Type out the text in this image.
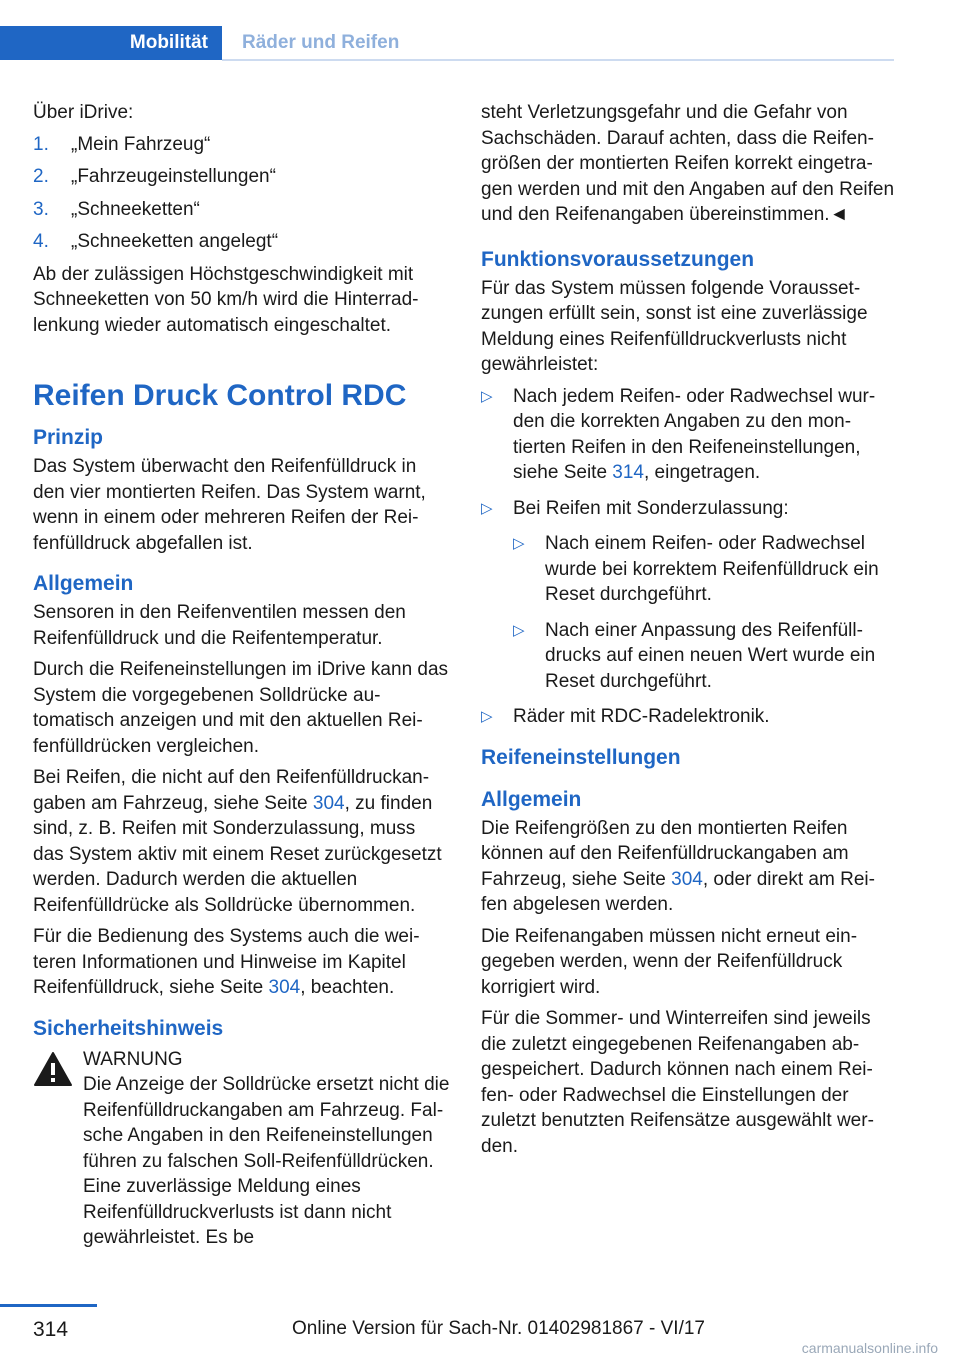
Mobilität	Räder und Reifen

Über iDrive:

1.	„Mein Fahrzeug“
2.	„Fahrzeugeinstellungen“
3.	„Schneeketten“
4.	„Schneeketten angelegt“

Ab der zulässigen Höchstgeschwindigkeit mit Schneeketten von 50 km/h wird die Hinterradlenkung wieder automatisch eingeschaltet.

Reifen Druck Control RDC
Prinzip

Das System überwacht den Reifenfülldruck in den vier montierten Reifen. Das System warnt, wenn in einem oder mehreren Reifen der Reifenfülldruck abgefallen ist.

Allgemein

Sensoren in den Reifenventilen messen den Reifenfülldruck und die Reifentemperatur.

Durch die Reifeneinstellungen im iDrive kann das System die vorgegebenen Solldrücke automatisch anzeigen und mit den aktuellen Reifenfülldrücken vergleichen.

Bei Reifen, die nicht auf den Reifenfülldruckangaben am Fahrzeug, siehe Seite 304, zu finden sind, z. B. Reifen mit Sonderzulassung, muss das System aktiv mit einem Reset zurückgesetzt werden. Dadurch werden die aktuellen Reifenfülldrücke als Solldrücke übernommen.

Für die Bedienung des Systems auch die weiteren Informationen und Hinweise im Kapitel Reifenfülldruck, siehe Seite 304, beachten.

Sicherheitshinweis
WARNUNG
Die Anzeige der Solldrücke ersetzt nicht die Reifenfülldruckangaben am Fahrzeug. Falsche Angaben in den Reifeneinstellungen führen zu falschen Soll-Reifenfülldrücken. Eine zuverlässige Meldung eines Reifenfülldruckverlusts ist dann nicht gewährleistet. Es be

steht Verletzungsgefahr und die Gefahr von Sachschäden. Darauf achten, dass die Reifengrößen der montierten Reifen korrekt eingetragen werden und mit den Angaben auf den Reifen und den Reifenangaben übereinstimmen.◄

Funktionsvoraussetzungen

Für das System müssen folgende Voraussetzungen erfüllt sein, sonst ist eine zuverlässige Meldung eines Reifenfülldruckverlusts nicht gewährleistet:

▷	Nach jedem Reifen- oder Radwechsel wurden die korrekten Angaben zu den montierten Reifen in den Reifeneinstellungen, siehe Seite 314, eingetragen.
▷	Bei Reifen mit Sonderzulassung:
▷	Nach einem Reifen- oder Radwechsel wurde bei korrektem Reifenfülldruck ein Reset durchgeführt.
▷	Nach einer Anpassung des Reifenfülldrucks auf einen neuen Wert wurde ein Reset durchgeführt.
▷	Räder mit RDC-Radelektronik.
Reifeneinstellungen
Allgemein

Die Reifengrößen zu den montierten Reifen können auf den Reifenfülldruckangaben am Fahrzeug, siehe Seite 304, oder direkt am Reifen abgelesen werden.

Die Reifenangaben müssen nicht erneut eingegeben werden, wenn der Reifenfülldruck korrigiert wird.

Für die Sommer- und Winterreifen sind jeweils die zuletzt eingegebenen Reifenangaben abgespeichert. Dadurch können nach einem Reifen- oder Radwechsel die Einstellungen der zuletzt benutzten Reifensätze ausgewählt werden.

314	Online Version für Sach-Nr. 01402981867 - VI/17
carmanualsonline.info
